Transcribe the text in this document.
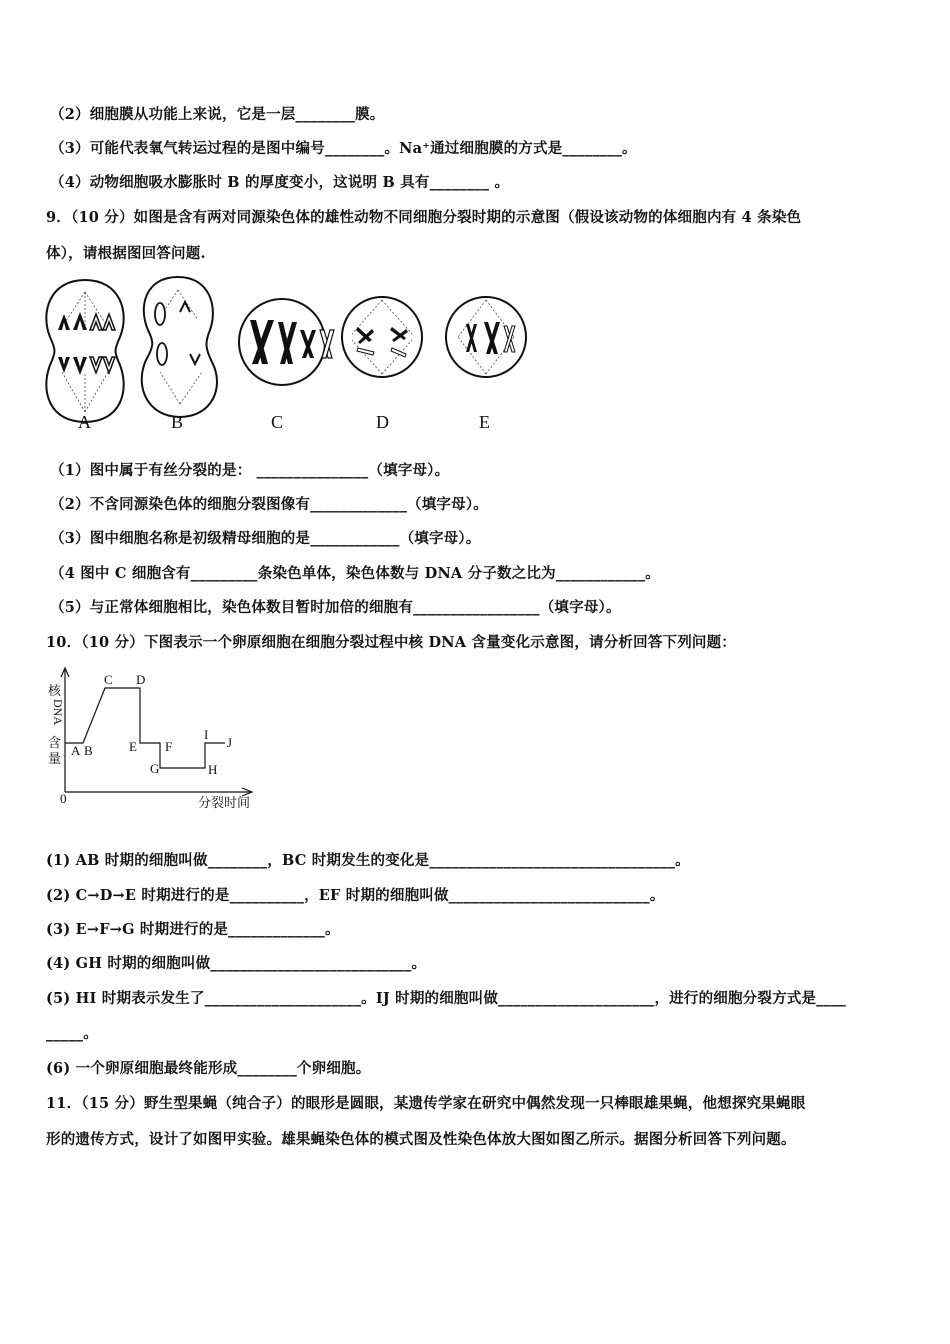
（2）细胞膜从功能上来说，它是一层________膜。
（3）可能代表氧气转运过程的是图中编号________。Na⁺通过细胞膜的方式是________。
（4）动物细胞吸水膨胀时 B 的厚度变小，这说明 B 具有________ 。
9．（10 分）如图是含有两对同源染色体的雄性动物不同细胞分裂时期的示意图（假设该动物的体细胞内有 4 条染色
体），请根据图回答问题.
A	B	C	D	E
（1）图中属于有丝分裂的是： _______________（填字母）。
（2）不含同源染色体的细胞分裂图像有_____________（填字母）。
（3）图中细胞名称是初级精母细胞的是____________（填字母）。
（4 图中 C 细胞含有_________条染色单体，染色体数与 DNA 分子数之比为____________。
（5）与正常体细胞相比，染色体数目暂时加倍的细胞有_________________（填字母）。
10．（10 分）下图表示一个卵原细胞在细胞分裂过程中核 DNA 含量变化示意图，请分析回答下列问题：
核
DNA
含
量
0	分裂时间
A B
C D
E F
G	H
I
J
(1) AB 时期的细胞叫做________，BC 时期发生的变化是_________________________________。
(2) C→D→E 时期进行的是__________，EF 时期的细胞叫做___________________________。
(3) E→F→G 时期进行的是_____________。
(4) GH 时期的细胞叫做___________________________。
(5) HI 时期表示发生了_____________________。IJ 时期的细胞叫做_____________________，进行的细胞分裂方式是____
_____。
(6) 一个卵原细胞最终能形成________个卵细胞。
11．（15 分）野生型果蝇（纯合子）的眼形是圆眼，某遗传学家在研究中偶然发现一只棒眼雄果蝇，他想探究果蝇眼
形的遗传方式，设计了如图甲实验。雄果蝇染色体的模式图及性染色体放大图如图乙所示。据图分析回答下列问题。
